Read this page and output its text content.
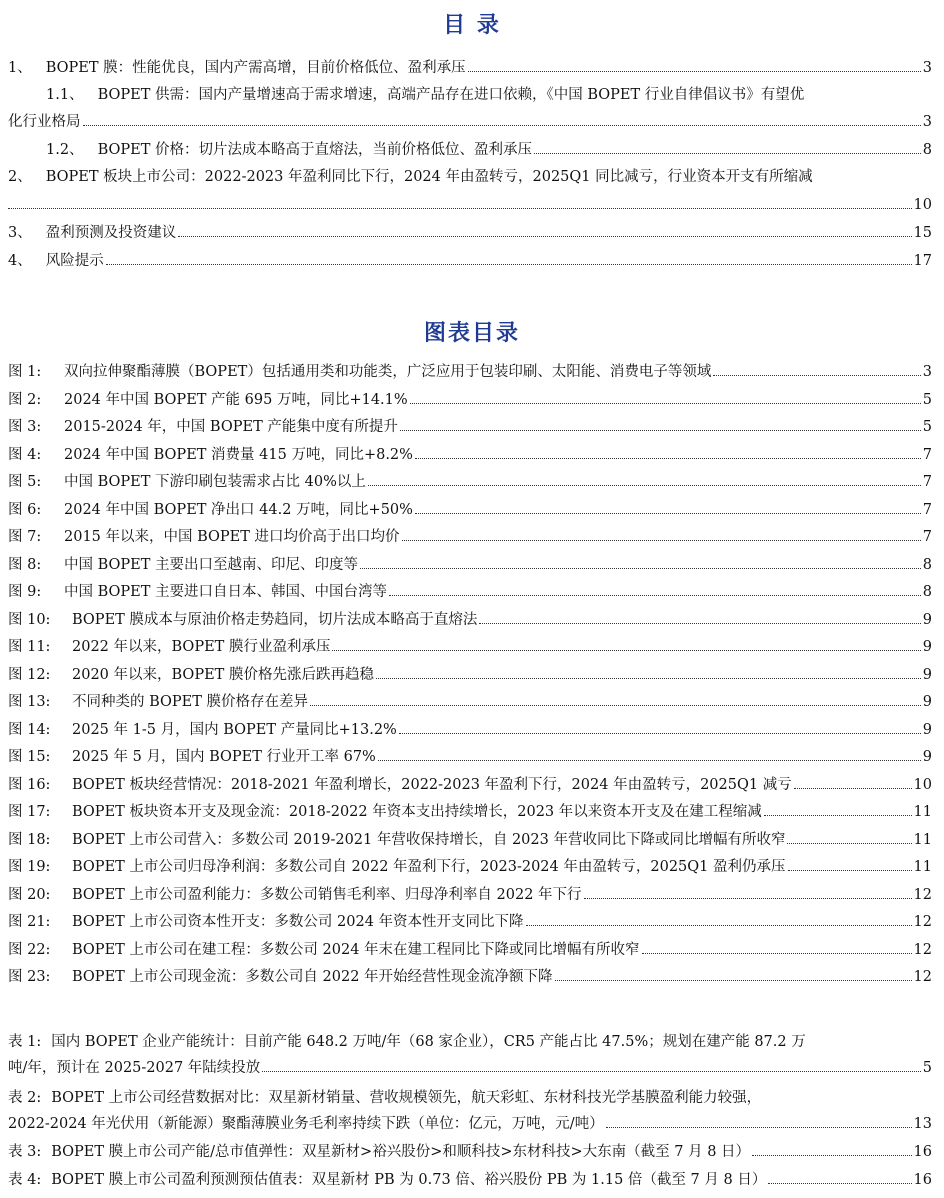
目 录
1、 BOPET 膜：性能优良，国内产需高增，目前价格低位、盈利承压	3
1.1、 BOPET 供需：国内产量增速高于需求增速，高端产品存在进口依赖，《中国 BOPET 行业自律倡议书》有望优
化行业格局	3
1.2、 BOPET 价格：切片法成本略高于直熔法，当前价格低位、盈利承压	8
2、 BOPET 板块上市公司：2022-2023 年盈利同比下行，2024 年由盈转亏，2025Q1 同比减亏，行业资本开支有所缩减
10
3、 盈利预测及投资建议	15
4、 风险提示	17
图表目录
图 1:	双向拉伸聚酯薄膜（BOPET）包括通用类和功能类，广泛应用于包装印刷、太阳能、消费电子等领域	3
图 2:	2024 年中国 BOPET 产能 695 万吨，同比+14.1%	5
图 3:	2015-2024 年，中国 BOPET 产能集中度有所提升	5
图 4:	2024 年中国 BOPET 消费量 415 万吨，同比+8.2%	7
图 5:	中国 BOPET 下游印刷包装需求占比 40%以上	7
图 6:	2024 年中国 BOPET 净出口 44.2 万吨，同比+50%	7
图 7:	2015 年以来，中国 BOPET 进口均价高于出口均价	7
图 8:	中国 BOPET 主要出口至越南、印尼、印度等	8
图 9:	中国 BOPET 主要进口自日本、韩国、中国台湾等	8
图 10:	BOPET 膜成本与原油价格走势趋同，切片法成本略高于直熔法	9
图 11:	2022 年以来，BOPET 膜行业盈利承压	9
图 12:	2020 年以来，BOPET 膜价格先涨后跌再趋稳	9
图 13:	不同种类的 BOPET 膜价格存在差异	9
图 14:	2025 年 1-5 月，国内 BOPET 产量同比+13.2%	9
图 15:	2025 年 5 月，国内 BOPET 行业开工率 67%	9
图 16:	BOPET 板块经营情况：2018-2021 年盈利增长，2022-2023 年盈利下行，2024 年由盈转亏，2025Q1 减亏	10
图 17:	BOPET 板块资本开支及现金流：2018-2022 年资本支出持续增长，2023 年以来资本开支及在建工程缩减	11
图 18:	BOPET 上市公司营入：多数公司 2019-2021 年营收保持增长，自 2023 年营收同比下降或同比增幅有所收窄	11
图 19:	BOPET 上市公司归母净利润：多数公司自 2022 年盈利下行，2023-2024 年由盈转亏，2025Q1 盈利仍承压	11
图 20:	BOPET 上市公司盈利能力：多数公司销售毛利率、归母净利率自 2022 年下行	12
图 21:	BOPET 上市公司资本性开支：多数公司 2024 年资本性开支同比下降	12
图 22:	BOPET 上市公司在建工程：多数公司 2024 年末在建工程同比下降或同比增幅有所收窄	12
图 23:	BOPET 上市公司现金流：多数公司自 2022 年开始经营性现金流净额下降	12
表 1: 国内 BOPET 企业产能统计：目前产能 648.2 万吨/年（68 家企业），CR5 产能占比 47.5%；规划在建产能 87.2 万
吨/年，预计在 2025-2027 年陆续投放	5
表 2: BOPET 上市公司经营数据对比：双星新材销量、营收规模领先，航天彩虹、东材科技光学基膜盈利能力较强，
2022-2024 年光伏用（新能源）聚酯薄膜业务毛利率持续下跌（单位：亿元，万吨，元/吨）	13
表 3: BOPET 膜上市公司产能/总市值弹性：双星新材>裕兴股份>和顺科技>东材科技>大东南（截至 7 月 8 日）	16
表 4: BOPET 膜上市公司盈利预测预估值表：双星新材 PB 为 0.73 倍、裕兴股份 PB 为 1.15 倍（截至 7 月 8 日）	16
